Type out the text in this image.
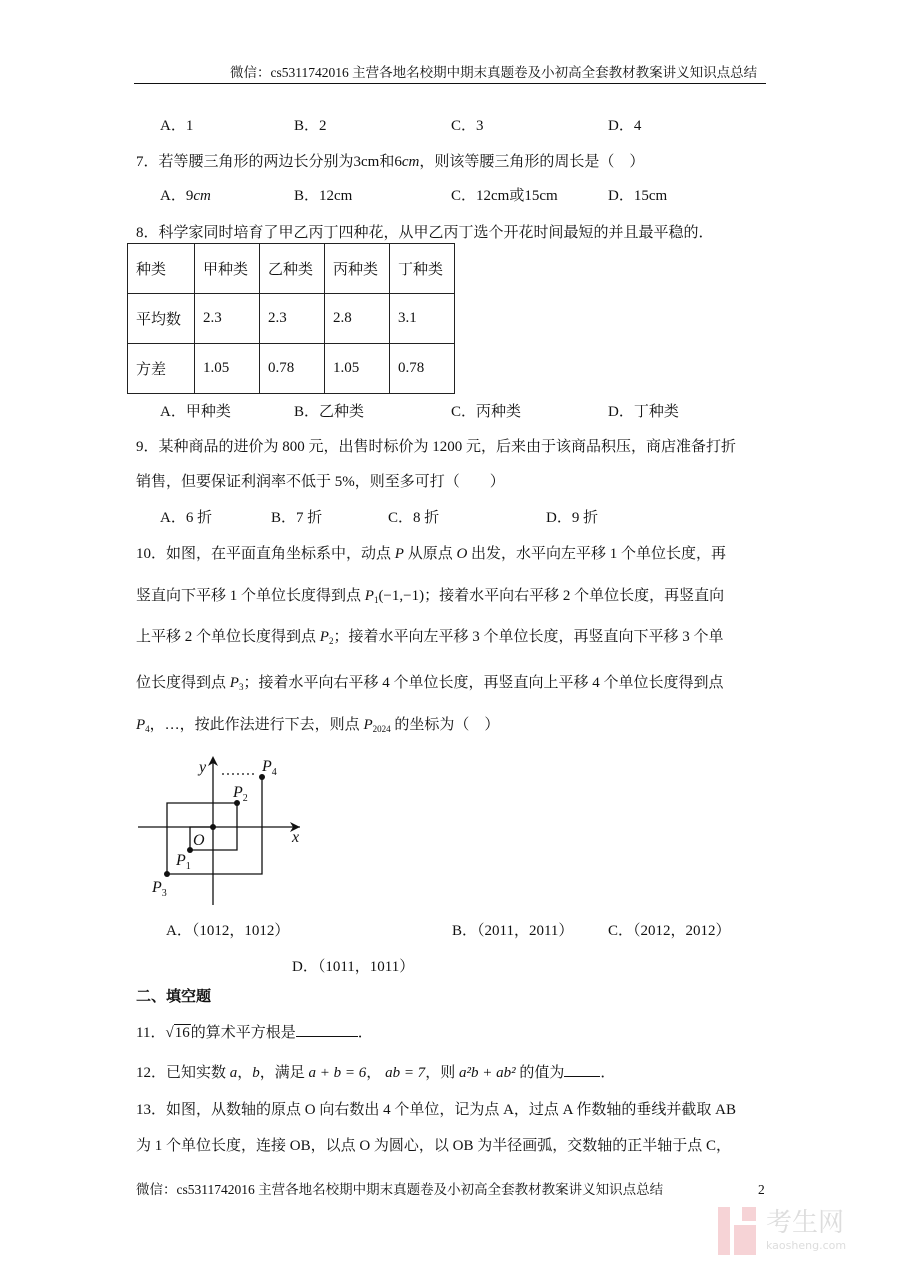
微信：cs5311742016 主营各地名校期中期末真题卷及小初高全套教材教案讲义知识点总结
A．1	B．2	C．3	D．4
7．若等腰三角形的两边长分别为3cm和6cm，则该等腰三角形的周长是（　）
A．9cm	B．12cm	C．12cm或15cm	D．15cm
8．科学家同时培育了甲乙丙丁四种花，从甲乙丙丁选个开花时间最短的并且最平稳的．
种类	甲种类	乙种类	丙种类	丁种类
平均数	2.3	2.3	2.8	3.1
方差	1.05	0.78	1.05	0.78
A．甲种类	B．乙种类	C．丙种类	D．丁种类
9．某种商品的进价为 800 元，出售时标价为 1200 元，后来由于该商品积压，商店准备打折
销售，但要保证利润率不低于 5%，则至多可打（　　）
A．6 折	B．7 折	C．8 折	D．9 折
10．如图，在平面直角坐标系中，动点 P 从原点 O 出发，水平向左平移 1 个单位长度，再
竖直向下平移 1 个单位长度得到点 $P_1(-1,-1)$；接着水平向右平移 2 个单位长度，再竖直向
上平移 2 个单位长度得到点 $P_2$；接着水平向左平移 3 个单位长度，再竖直向下平移 3 个单
位长度得到点 $P_3$；接着水平向右平移 4 个单位长度，再竖直向上平移 4 个单位长度得到点
$P_4$，…，按此作法进行下去，则点 $P_{2024}$ 的坐标为（　）
y
x
O
$P_1$
$P_2$
$P_3$
$P_4$
A．（1012，1012）	B．（2011，2011） C．（2012，2012）
D．（1011，1011）
二、填空题
11．√16的算术平方根是	．
12．已知实数 a，b，满足 a + b = 6， ab = 7，则 a²b + ab² 的值为 ．
13．如图，从数轴的原点 O 向右数出 4 个单位，记为点 A，过点 A 作数轴的垂线并截取 AB
为 1 个单位长度，连接 OB，以点 O 为圆心，以 OB 为半径画弧，交数轴的正半轴于点 C，
微信：cs5311742016 主营各地名校期中期末真题卷及小初高全套教材教案讲义知识点总结	2
考生网
kaosheng.com
